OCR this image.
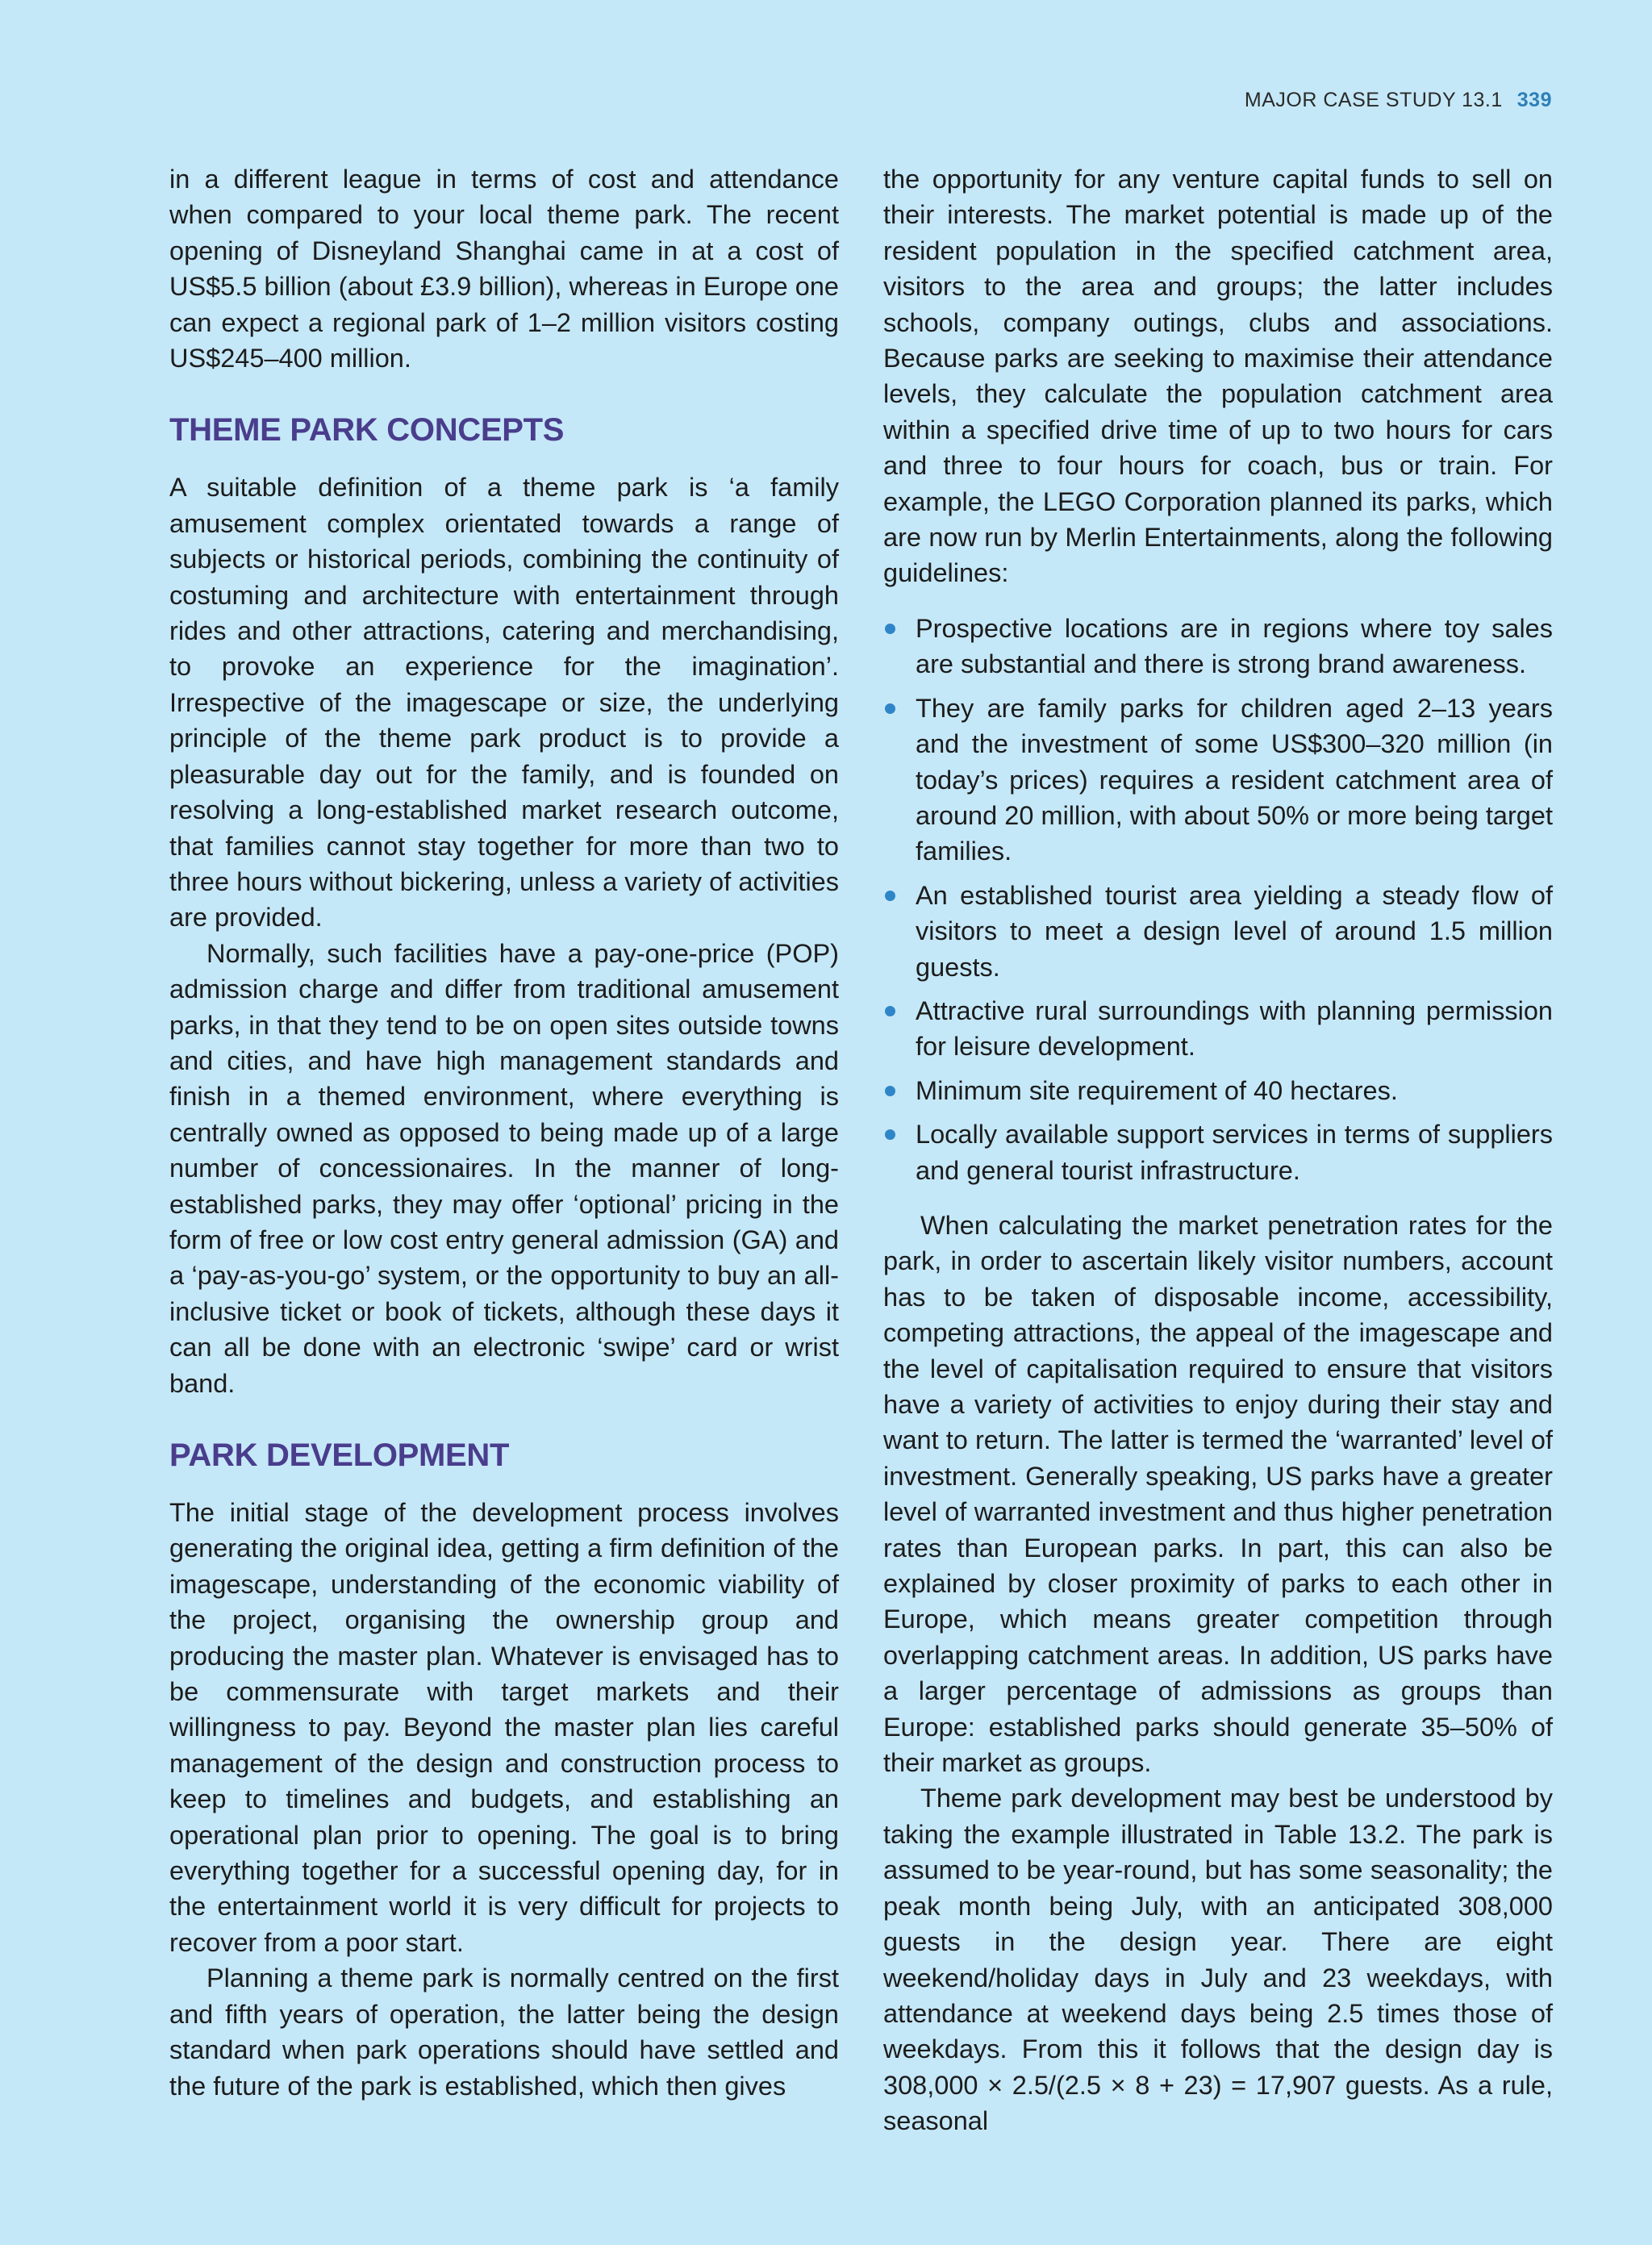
MAJOR CASE STUDY 13.1 339

in a different league in terms of cost and attendance when compared to your local theme park. The recent opening of Disneyland Shanghai came in at a cost of US$5.5 billion (about £3.9 billion), whereas in Europe one can expect a regional park of 1–2 million visitors costing US$245–400 million.

THEME PARK CONCEPTS

A suitable definition of a theme park is ‘a family amusement complex orientated towards a range of subjects or historical periods, combining the continuity of costuming and architecture with entertainment through rides and other attractions, catering and merchandising, to provoke an experience for the imagination’. Irrespective of the imagescape or size, the underlying principle of the theme park product is to provide a pleasurable day out for the family, and is founded on resolving a long-established market research outcome, that families cannot stay together for more than two to three hours without bickering, unless a variety of activities are provided.

Normally, such facilities have a pay-one-price (POP) admission charge and differ from traditional amusement parks, in that they tend to be on open sites outside towns and cities, and have high management standards and finish in a themed environment, where everything is centrally owned as opposed to being made up of a large number of concessionaires. In the manner of long-established parks, they may offer ‘optional’ pricing in the form of free or low cost entry general admission (GA) and a ‘pay-as-you-go’ system, or the opportunity to buy an all-inclusive ticket or book of tickets, although these days it can all be done with an electronic ‘swipe’ card or wrist band.

PARK DEVELOPMENT

The initial stage of the development process involves generating the original idea, getting a firm definition of the imagescape, understanding of the economic viability of the project, organising the ownership group and producing the master plan. Whatever is envisaged has to be commensurate with target markets and their willingness to pay. Beyond the master plan lies careful management of the design and construction process to keep to timelines and budgets, and establishing an operational plan prior to opening. The goal is to bring everything together for a successful opening day, for in the entertainment world it is very difficult for projects to recover from a poor start.

Planning a theme park is normally centred on the first and fifth years of operation, the latter being the design standard when park operations should have settled and the future of the park is established, which then gives

the opportunity for any venture capital funds to sell on their interests. The market potential is made up of the resident population in the specified catchment area, visitors to the area and groups; the latter includes schools, company outings, clubs and associations. Because parks are seeking to maximise their attendance levels, they calculate the population catchment area within a specified drive time of up to two hours for cars and three to four hours for coach, bus or train. For example, the LEGO Corporation planned its parks, which are now run by Merlin Entertainments, along the following guidelines:

Prospective locations are in regions where toy sales are substantial and there is strong brand awareness.
They are family parks for children aged 2–13 years and the investment of some US$300–320 million (in today’s prices) requires a resident catchment area of around 20 million, with about 50% or more being target families.
An established tourist area yielding a steady flow of visitors to meet a design level of around 1.5 million guests.
Attractive rural surroundings with planning permission for leisure development.
Minimum site requirement of 40 hectares.
Locally available support services in terms of suppliers and general tourist infrastructure.

When calculating the market penetration rates for the park, in order to ascertain likely visitor numbers, account has to be taken of disposable income, accessibility, competing attractions, the appeal of the imagescape and the level of capitalisation required to ensure that visitors have a variety of activities to enjoy during their stay and want to return. The latter is termed the ‘warranted’ level of investment. Generally speaking, US parks have a greater level of warranted investment and thus higher penetration rates than European parks. In part, this can also be explained by closer proximity of parks to each other in Europe, which means greater competition through overlapping catchment areas. In addition, US parks have a larger percentage of admissions as groups than Europe: established parks should generate 35–50% of their market as groups.

Theme park development may best be understood by taking the example illustrated in Table 13.2. The park is assumed to be year-round, but has some seasonality; the peak month being July, with an anticipated 308,000 guests in the design year. There are eight weekend/holiday days in July and 23 weekdays, with attendance at weekend days being 2.5 times those of weekdays. From this it follows that the design day is 308,000 × 2.5/(2.5 × 8 + 23) = 17,907 guests. As a rule, seasonal
